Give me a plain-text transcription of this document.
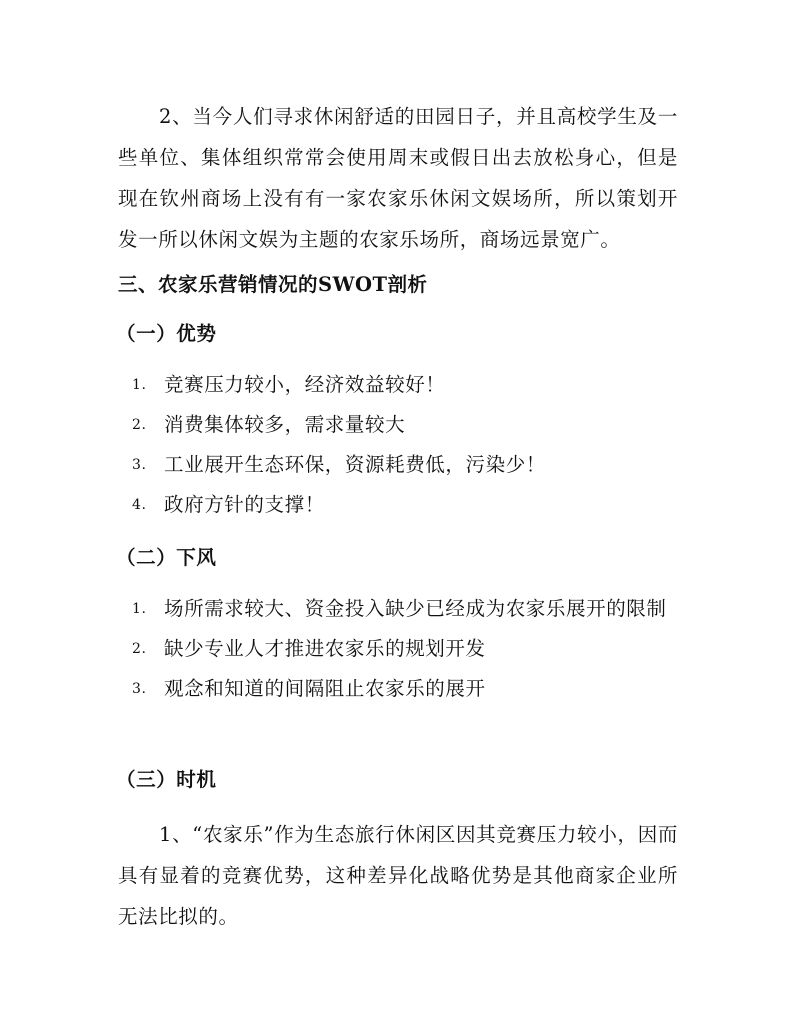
2、当今人们寻求休闲舒适的田园日子，并且高校学生及一些单位、集体组织常常会使用周末或假日出去放松身心，但是现在钦州商场上没有有一家农家乐休闲文娱场所，所以策划开发一所以休闲文娱为主题的农家乐场所，商场远景宽广。

三、农家乐营销情况的SWOT剖析
（一）优势
1. 竞赛压力较小，经济效益较好！
2. 消费集体较多，需求量较大
3. 工业展开生态环保，资源耗费低，污染少！
4. 政府方针的支撑！
（二）下风
1. 场所需求较大、资金投入缺少已经成为农家乐展开的限制
2. 缺少专业人才推进农家乐的规划开发
3. 观念和知道的间隔阻止农家乐的展开
（三）时机

1、“农家乐”作为生态旅行休闲区因其竞赛压力较小，因而具有显着的竞赛优势，这种差异化战略优势是其他商家企业所无法比拟的。
